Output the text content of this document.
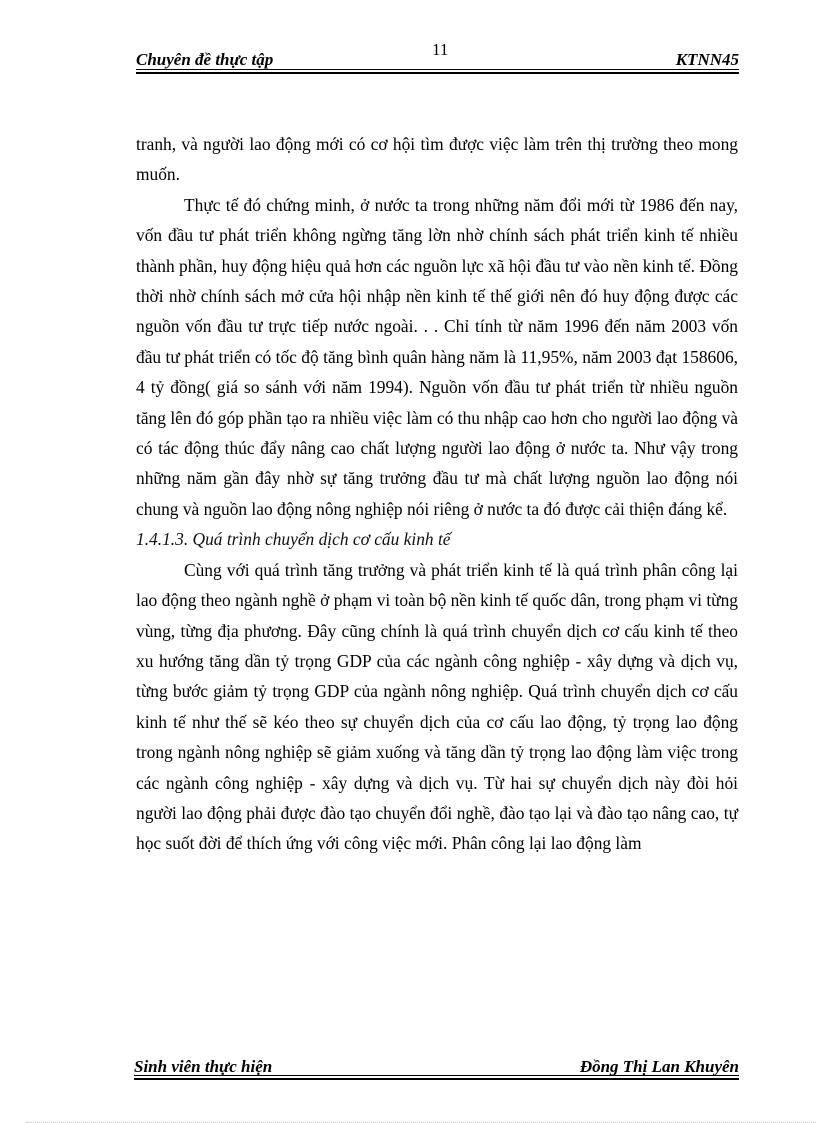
Chuyên đề thực tập
11
KTNN45

tranh, và người lao động mới có cơ hội tìm được việc làm trên thị trường theo mong muốn.

Thực tế đó chứng minh, ở nước ta trong những năm đổi mới từ 1986 đến nay, vốn đầu tư phát triển không ngừng tăng lờn nhờ chính sách phát triển kinh tế nhiều thành phần, huy động hiệu quả hơn các nguồn lực xã hội đầu tư vào nền kinh tế. Đồng thời nhờ chính sách mở cửa hội nhập nền kinh tế thế giới nên đó huy động được các nguồn vốn đầu tư trực tiếp nước ngoài. . . Chỉ tính từ năm 1996 đến năm 2003 vốn đầu tư phát triển có tốc độ tăng bình quân hàng năm là 11,95%, năm 2003 đạt 158606, 4 tỷ đồng( giá so sánh với năm 1994). Nguồn vốn đầu tư phát triển từ nhiều nguồn tăng lên đó góp phần tạo ra nhiều việc làm có thu nhập cao hơn cho người lao động và có tác động thúc đẩy nâng cao chất lượng người lao động ở nước ta. Như vậy trong những năm gần đây nhờ sự tăng trưởng đầu tư mà chất lượng nguồn lao động nói chung và nguồn lao động nông nghiệp nói riêng ở nước ta đó được cải thiện đáng kể.

1.4.1.3. Quá trình chuyển dịch cơ cấu kinh tế

Cùng với quá trình tăng trưởng và phát triển kinh tế là quá trình phân công lại lao động theo ngành nghề ở phạm vi toàn bộ nền kinh tế quốc dân, trong phạm vi từng vùng, từng địa phương. Đây cũng chính là quá trình chuyển dịch cơ cấu kinh tế theo xu hướng tăng dần tỷ trọng GDP của các ngành công nghiệp - xây dựng và dịch vụ, từng bước giảm tỷ trọng GDP của ngành nông nghiệp. Quá trình chuyển dịch cơ cấu kinh tế như thế sẽ kéo theo sự chuyển dịch của cơ cấu lao động, tỷ trọng lao động trong ngành nông nghiệp sẽ giảm xuống và tăng dần tỷ trọng lao động làm việc trong các ngành công nghiệp - xây dựng và dịch vụ. Từ hai sự chuyển dịch này đòi hỏi người lao động phải được đào tạo chuyển đổi nghề, đào tạo lại và đào tạo nâng cao, tự học suốt đời để thích ứng với công việc mới. Phân công lại lao động làm

Sinh viên thực hiện	Đồng Thị Lan Khuyên
